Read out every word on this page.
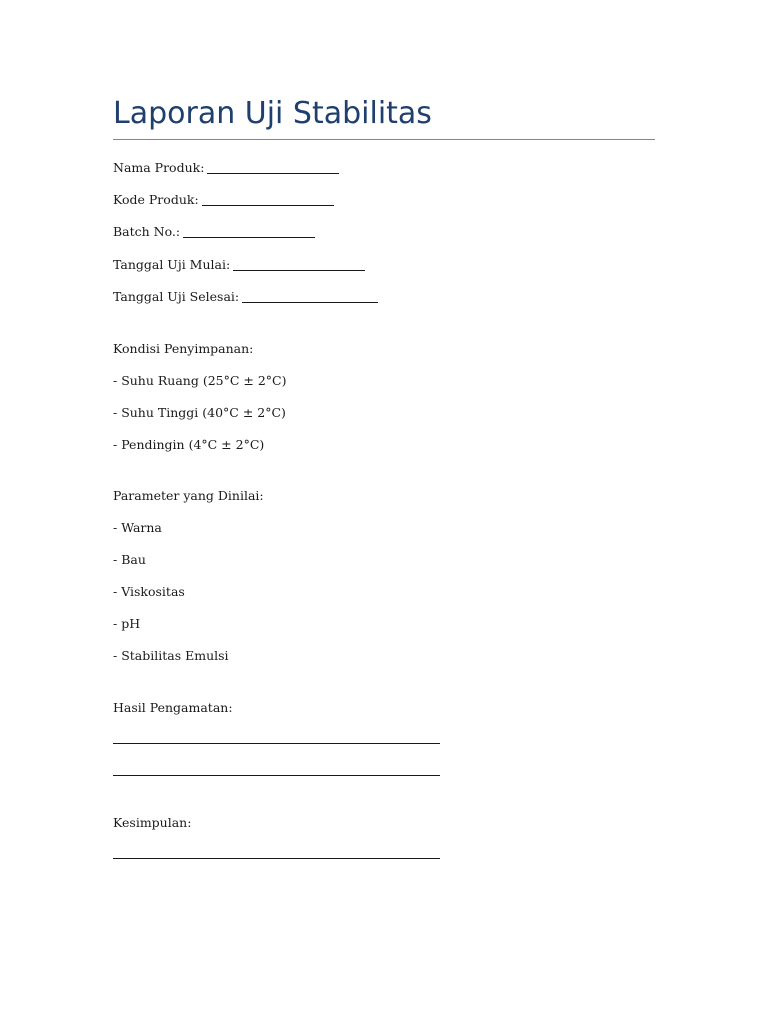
Laporan Uji Stabilitas

Nama Produk:

Kode Produk:

Batch No.:

Tanggal Uji Mulai:

Tanggal Uji Selesai:

Kondisi Penyimpanan:

- Suhu Ruang (25°C ± 2°C)

- Suhu Tinggi (40°C ± 2°C)

- Pendingin (4°C ± 2°C)

Parameter yang Dinilai:

- Warna

- Bau

- Viskositas

- pH

- Stabilitas Emulsi

Hasil Pengamatan:

Kesimpulan:
